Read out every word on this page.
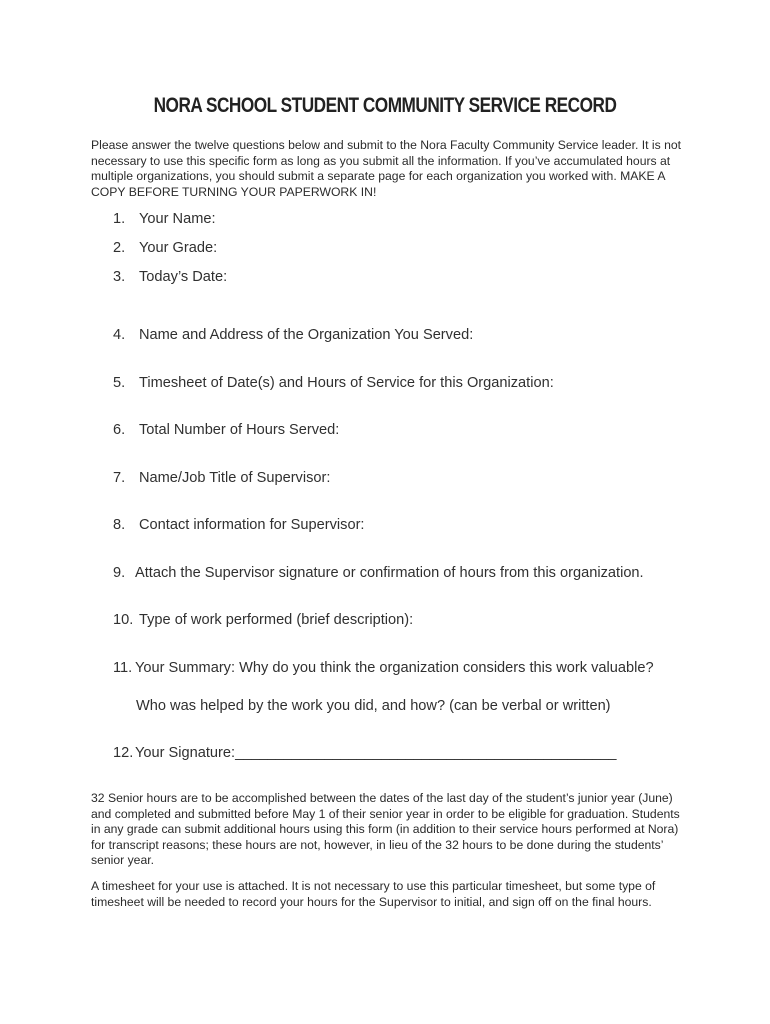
NORA SCHOOL STUDENT COMMUNITY SERVICE RECORD
Please answer the twelve questions below and submit to the Nora Faculty Community Service leader. It is not necessary to use this specific form as long as you submit all the information. If you’ve accumulated hours at multiple organizations, you should submit a separate page for each organization you worked with. MAKE A COPY BEFORE TURNING YOUR PAPERWORK IN!
1. Your Name:
2. Your Grade:
3. Today’s Date:
4. Name and Address of the Organization You Served:
5. Timesheet of Date(s) and Hours of Service for this Organization:
6. Total Number of Hours Served:
7. Name/Job Title of Supervisor:
8. Contact information for Supervisor:
9. Attach the Supervisor signature or confirmation of hours from this organization.
10. Type of work performed (brief description):
11. Your Summary: Why do you think the organization considers this work valuable?
Who was helped by the work you did, and how? (can be verbal or written)
12. Your Signature:_______________________________________________
32 Senior hours are to be accomplished between the dates of the last day of the student’s junior year (June) and completed and submitted before May 1 of their senior year in order to be eligible for graduation. Students in any grade can submit additional hours using this form (in addition to their service hours performed at Nora) for transcript reasons; these hours are not, however, in lieu of the 32 hours to be done during the students’ senior year.
A timesheet for your use is attached. It is not necessary to use this particular timesheet, but some type of timesheet will be needed to record your hours for the Supervisor to initial, and sign off on the final hours.
